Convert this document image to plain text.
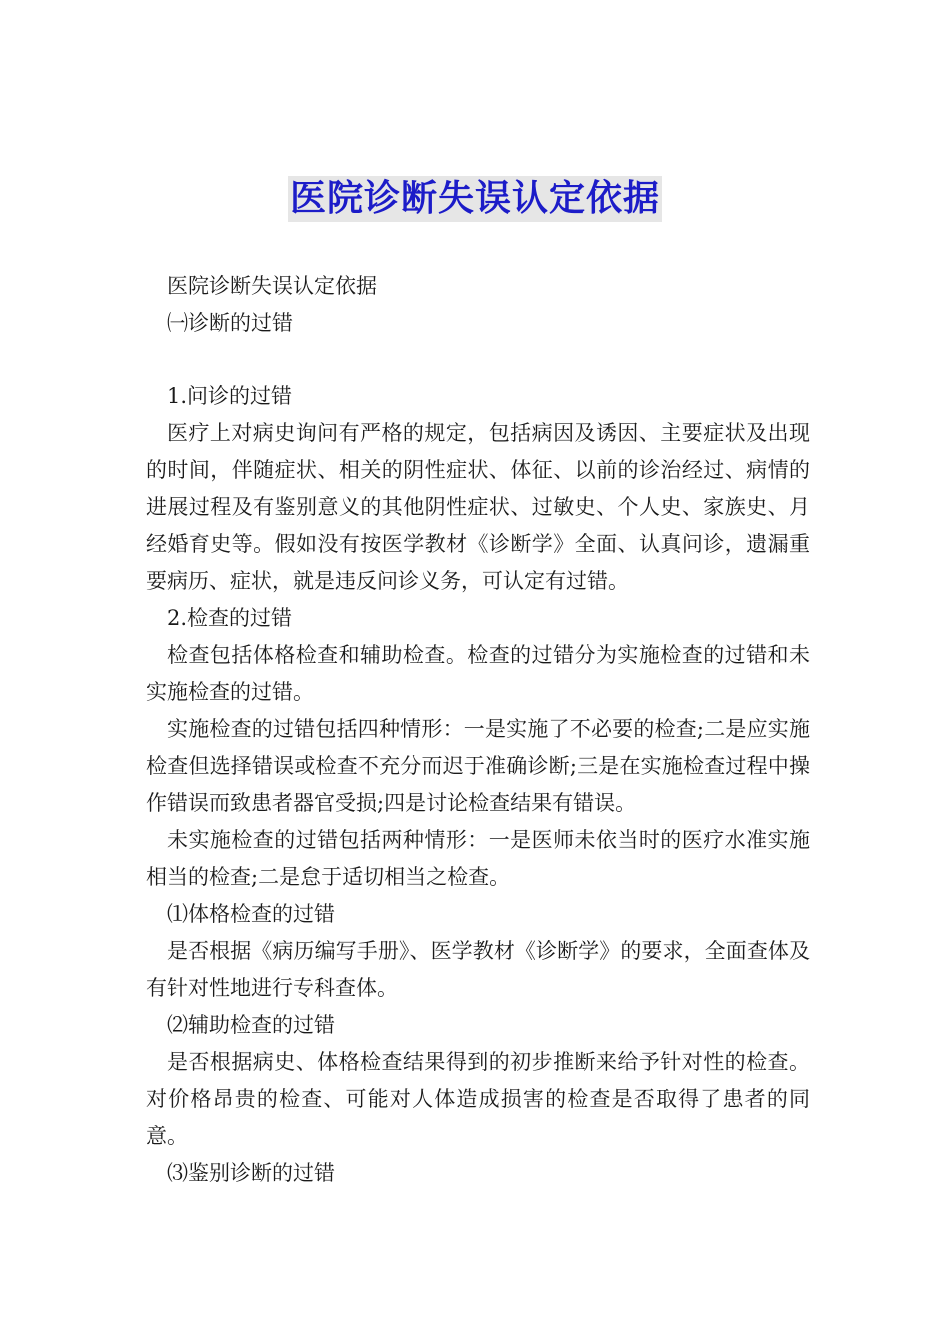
医院诊断失误认定依据

医院诊断失误认定依据

㈠诊断的过错

1.问诊的过错

医疗上对病史询问有严格的规定，包括病因及诱因、主要症状及出现的时间，伴随症状、相关的阴性症状、体征、以前的诊治经过、病情的进展过程及有鉴别意义的其他阴性症状、过敏史、个人史、家族史、月经婚育史等。假如没有按医学教材《诊断学》全面、认真问诊，遗漏重要病历、症状，就是违反问诊义务，可认定有过错。

2.检查的过错

检查包括体格检查和辅助检查。检查的过错分为实施检查的过错和未实施检查的过错。

实施检查的过错包括四种情形：一是实施了不必要的检查;二是应实施检查但选择错误或检查不充分而迟于准确诊断;三是在实施检查过程中操作错误而致患者器官受损;四是讨论检查结果有错误。

未实施检查的过错包括两种情形：一是医师未依当时的医疗水准实施相当的检查;二是怠于适切相当之检查。

⑴体格检查的过错

是否根据《病历编写手册》、医学教材《诊断学》的要求，全面查体及有针对性地进行专科查体。

⑵辅助检查的过错

是否根据病史、体格检查结果得到的初步推断来给予针对性的检查。对价格昂贵的检查、可能对人体造成损害的检查是否取得了患者的同意。

⑶鉴别诊断的过错
